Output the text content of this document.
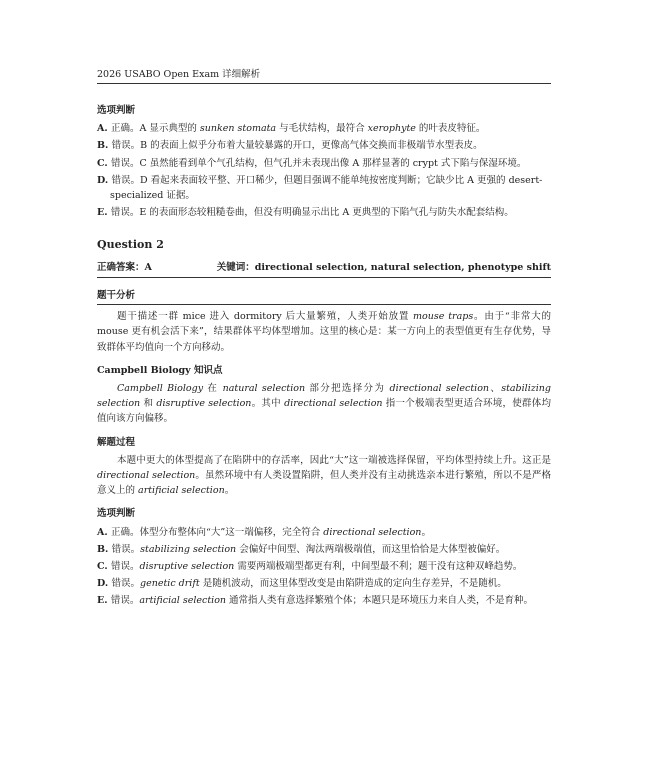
2026 USABO Open Exam 详细解析
选项判断
A. 正确。A 显示典型的 sunken stomata 与毛状结构，最符合 xerophyte 的叶表皮特征。
B. 错误。B 的表面上似乎分布着大量较暴露的开口，更像高气体交换而非极端节水型表皮。
C. 错误。C 虽然能看到单个气孔结构，但气孔并未表现出像 A 那样显著的 crypt 式下陷与保湿环境。
D. 错误。D 看起来表面较平整、开口稀少，但题目强调不能单纯按密度判断；它缺少比 A 更强的 desert-specialized 证据。
E. 错误。E 的表面形态较粗糙卷曲，但没有明确显示出比 A 更典型的下陷气孔与防失水配套结构。
Question 2
正确答案：A	关键词：directional selection, natural selection, phenotype shift
题干分析
题干描述一群 mice 进入 dormitory 后大量繁殖，人类开始放置 mouse traps。由于“非常大的 mouse 更有机会活下来”，结果群体平均体型增加。这里的核心是：某一方向上的表型值更有生存优势，导致群体平均值向一个方向移动。
Campbell Biology 知识点
Campbell Biology 在 natural selection 部分把选择分为 directional selection、stabilizing selection 和 disruptive selection。其中 directional selection 指一个极端表型更适合环境，使群体均值向该方向偏移。
解题过程
本题中更大的体型提高了在陷阱中的存活率，因此“大”这一端被选择保留，平均体型持续上升。这正是 directional selection。虽然环境中有人类设置陷阱，但人类并没有主动挑选亲本进行繁殖，所以不是严格意义上的 artificial selection。
选项判断
A. 正确。体型分布整体向“大”这一端偏移，完全符合 directional selection。
B. 错误。stabilizing selection 会偏好中间型、淘汰两端极端值，而这里恰恰是大体型被偏好。
C. 错误。disruptive selection 需要两端极端型都更有利，中间型最不利；题干没有这种双峰趋势。
D. 错误。genetic drift 是随机波动，而这里体型改变是由陷阱造成的定向生存差异，不是随机。
E. 错误。artificial selection 通常指人类有意选择繁殖个体；本题只是环境压力来自人类，不是育种。
